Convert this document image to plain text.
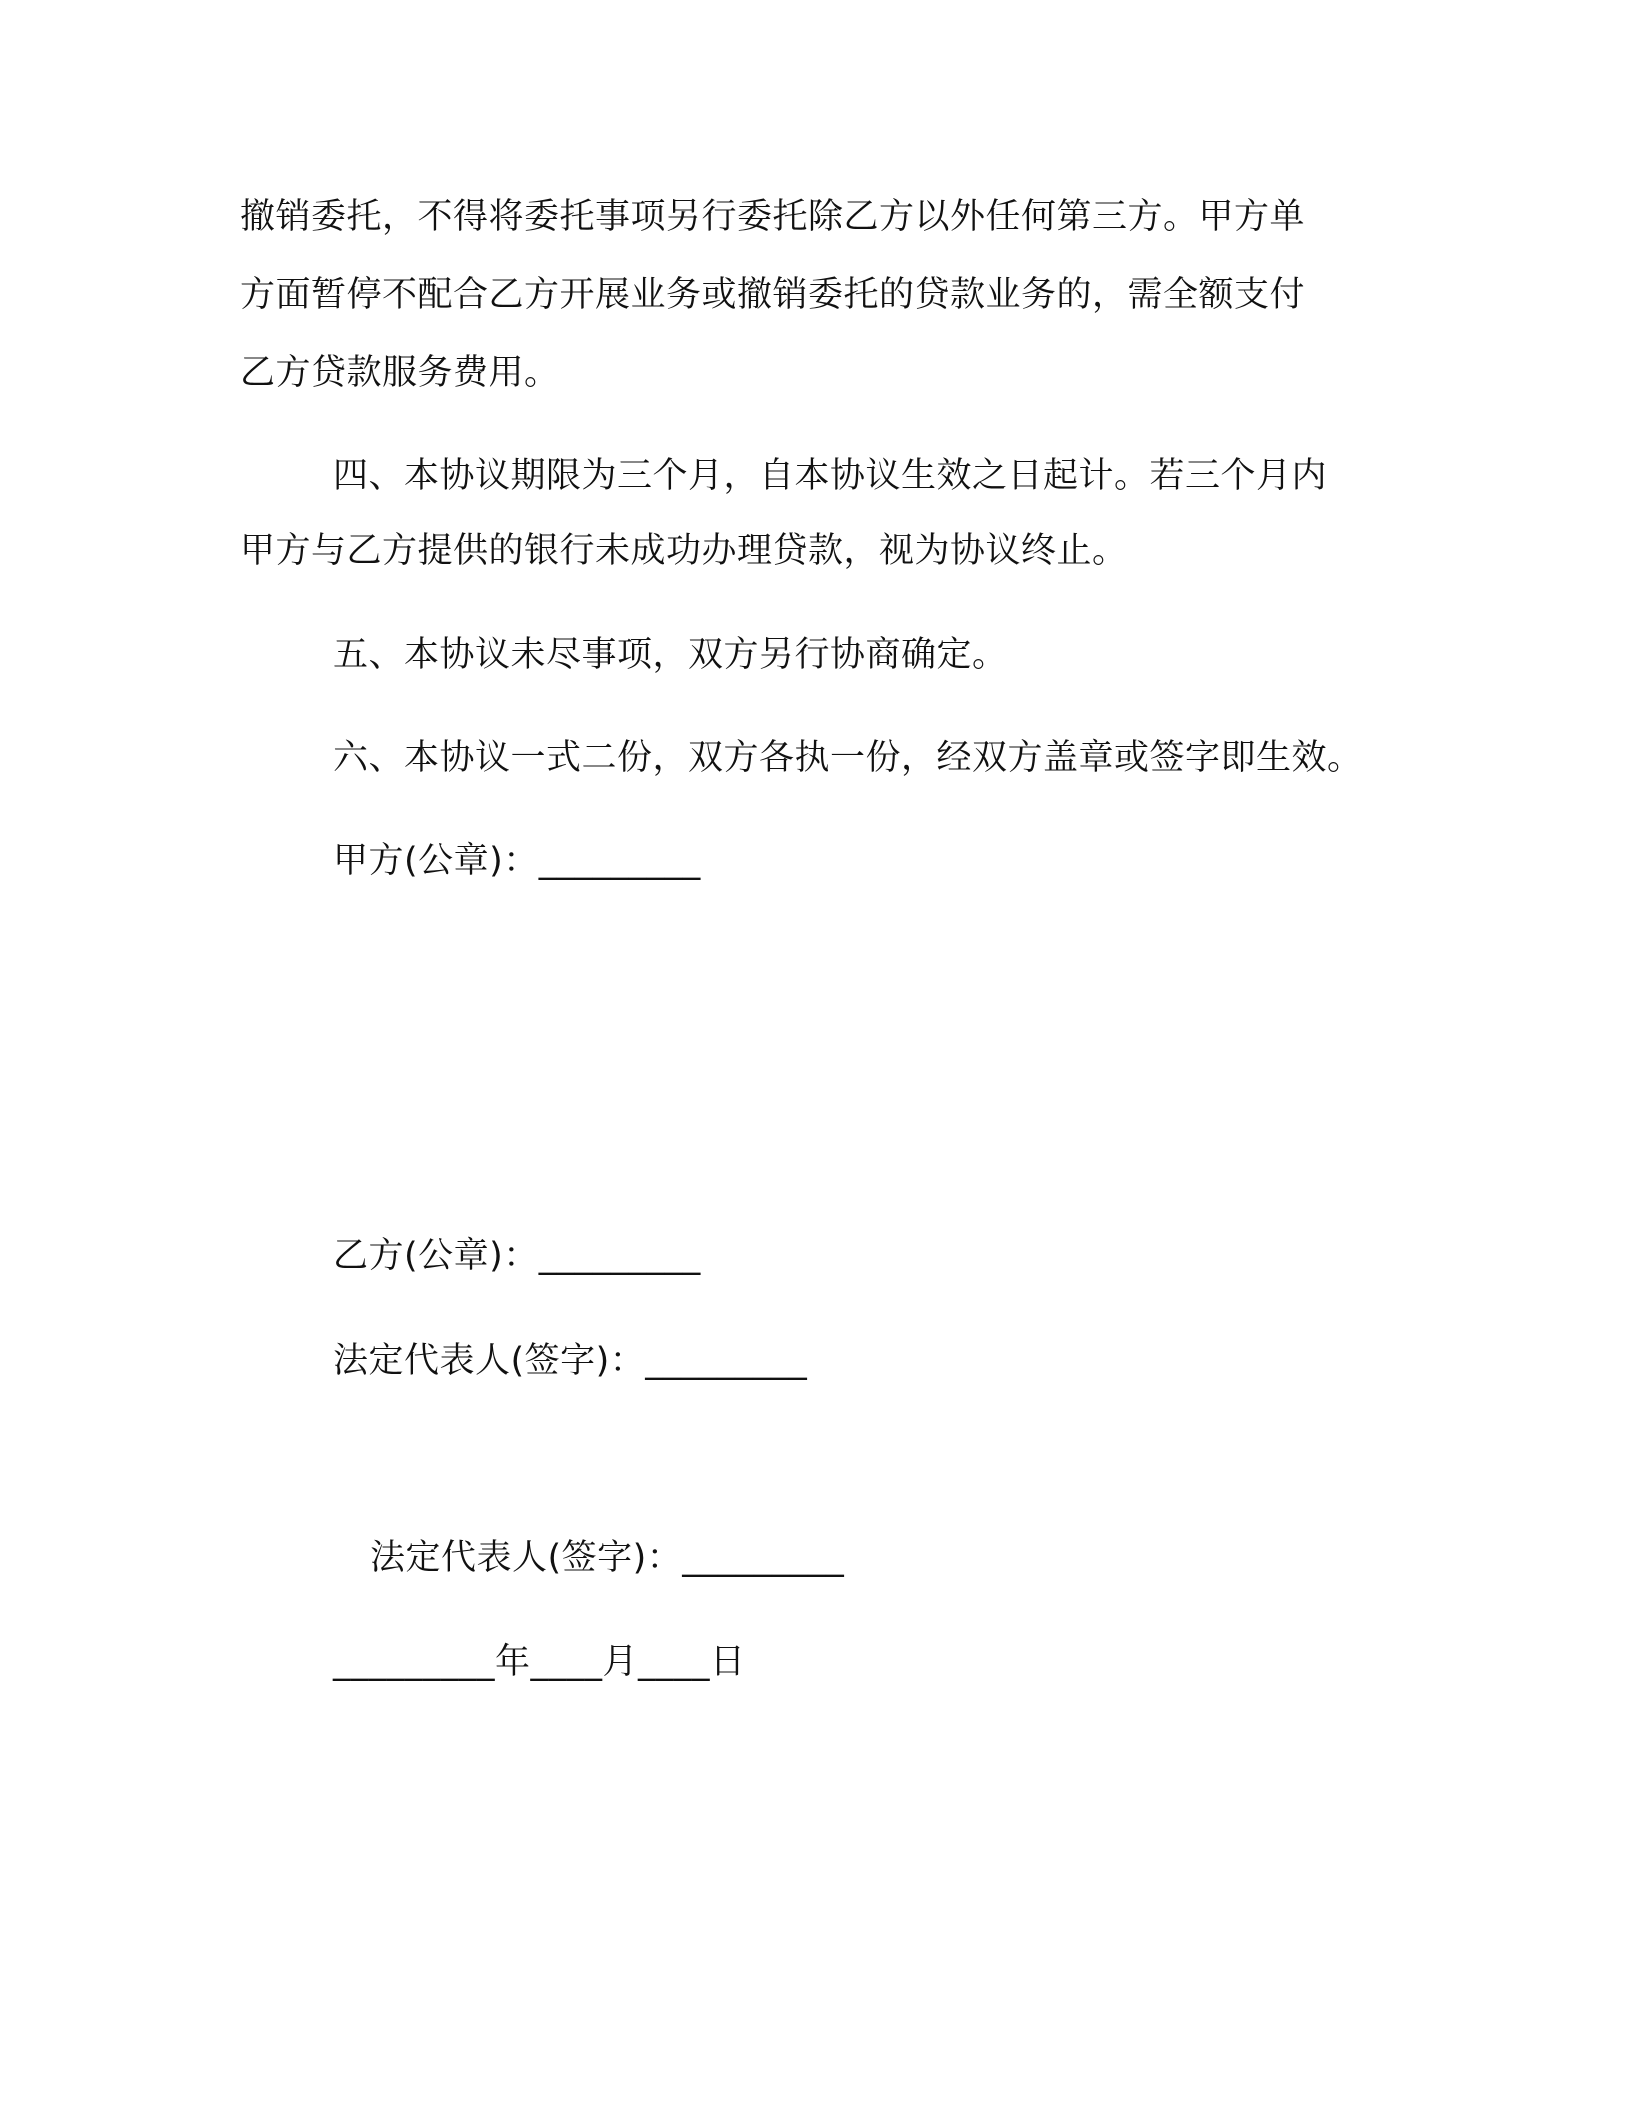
撤销委托，不得将委托事项另行委托除乙方以外任何第三方。甲方单
方面暂停不配合乙方开展业务或撤销委托的贷款业务的，需全额支付
乙方贷款服务费用。
四、本协议期限为三个月，自本协议生效之日起计。若三个月内
甲方与乙方提供的银行未成功办理贷款，视为协议终止。
五、本协议未尽事项，双方另行协商确定。
六、本协议一式二份，双方各执一份，经双方盖章或签字即生效。
甲方(公章)：_________
乙方(公章)：_________
法定代表人(签字)：_________
法定代表人(签字)：_________
_________年____月____日
